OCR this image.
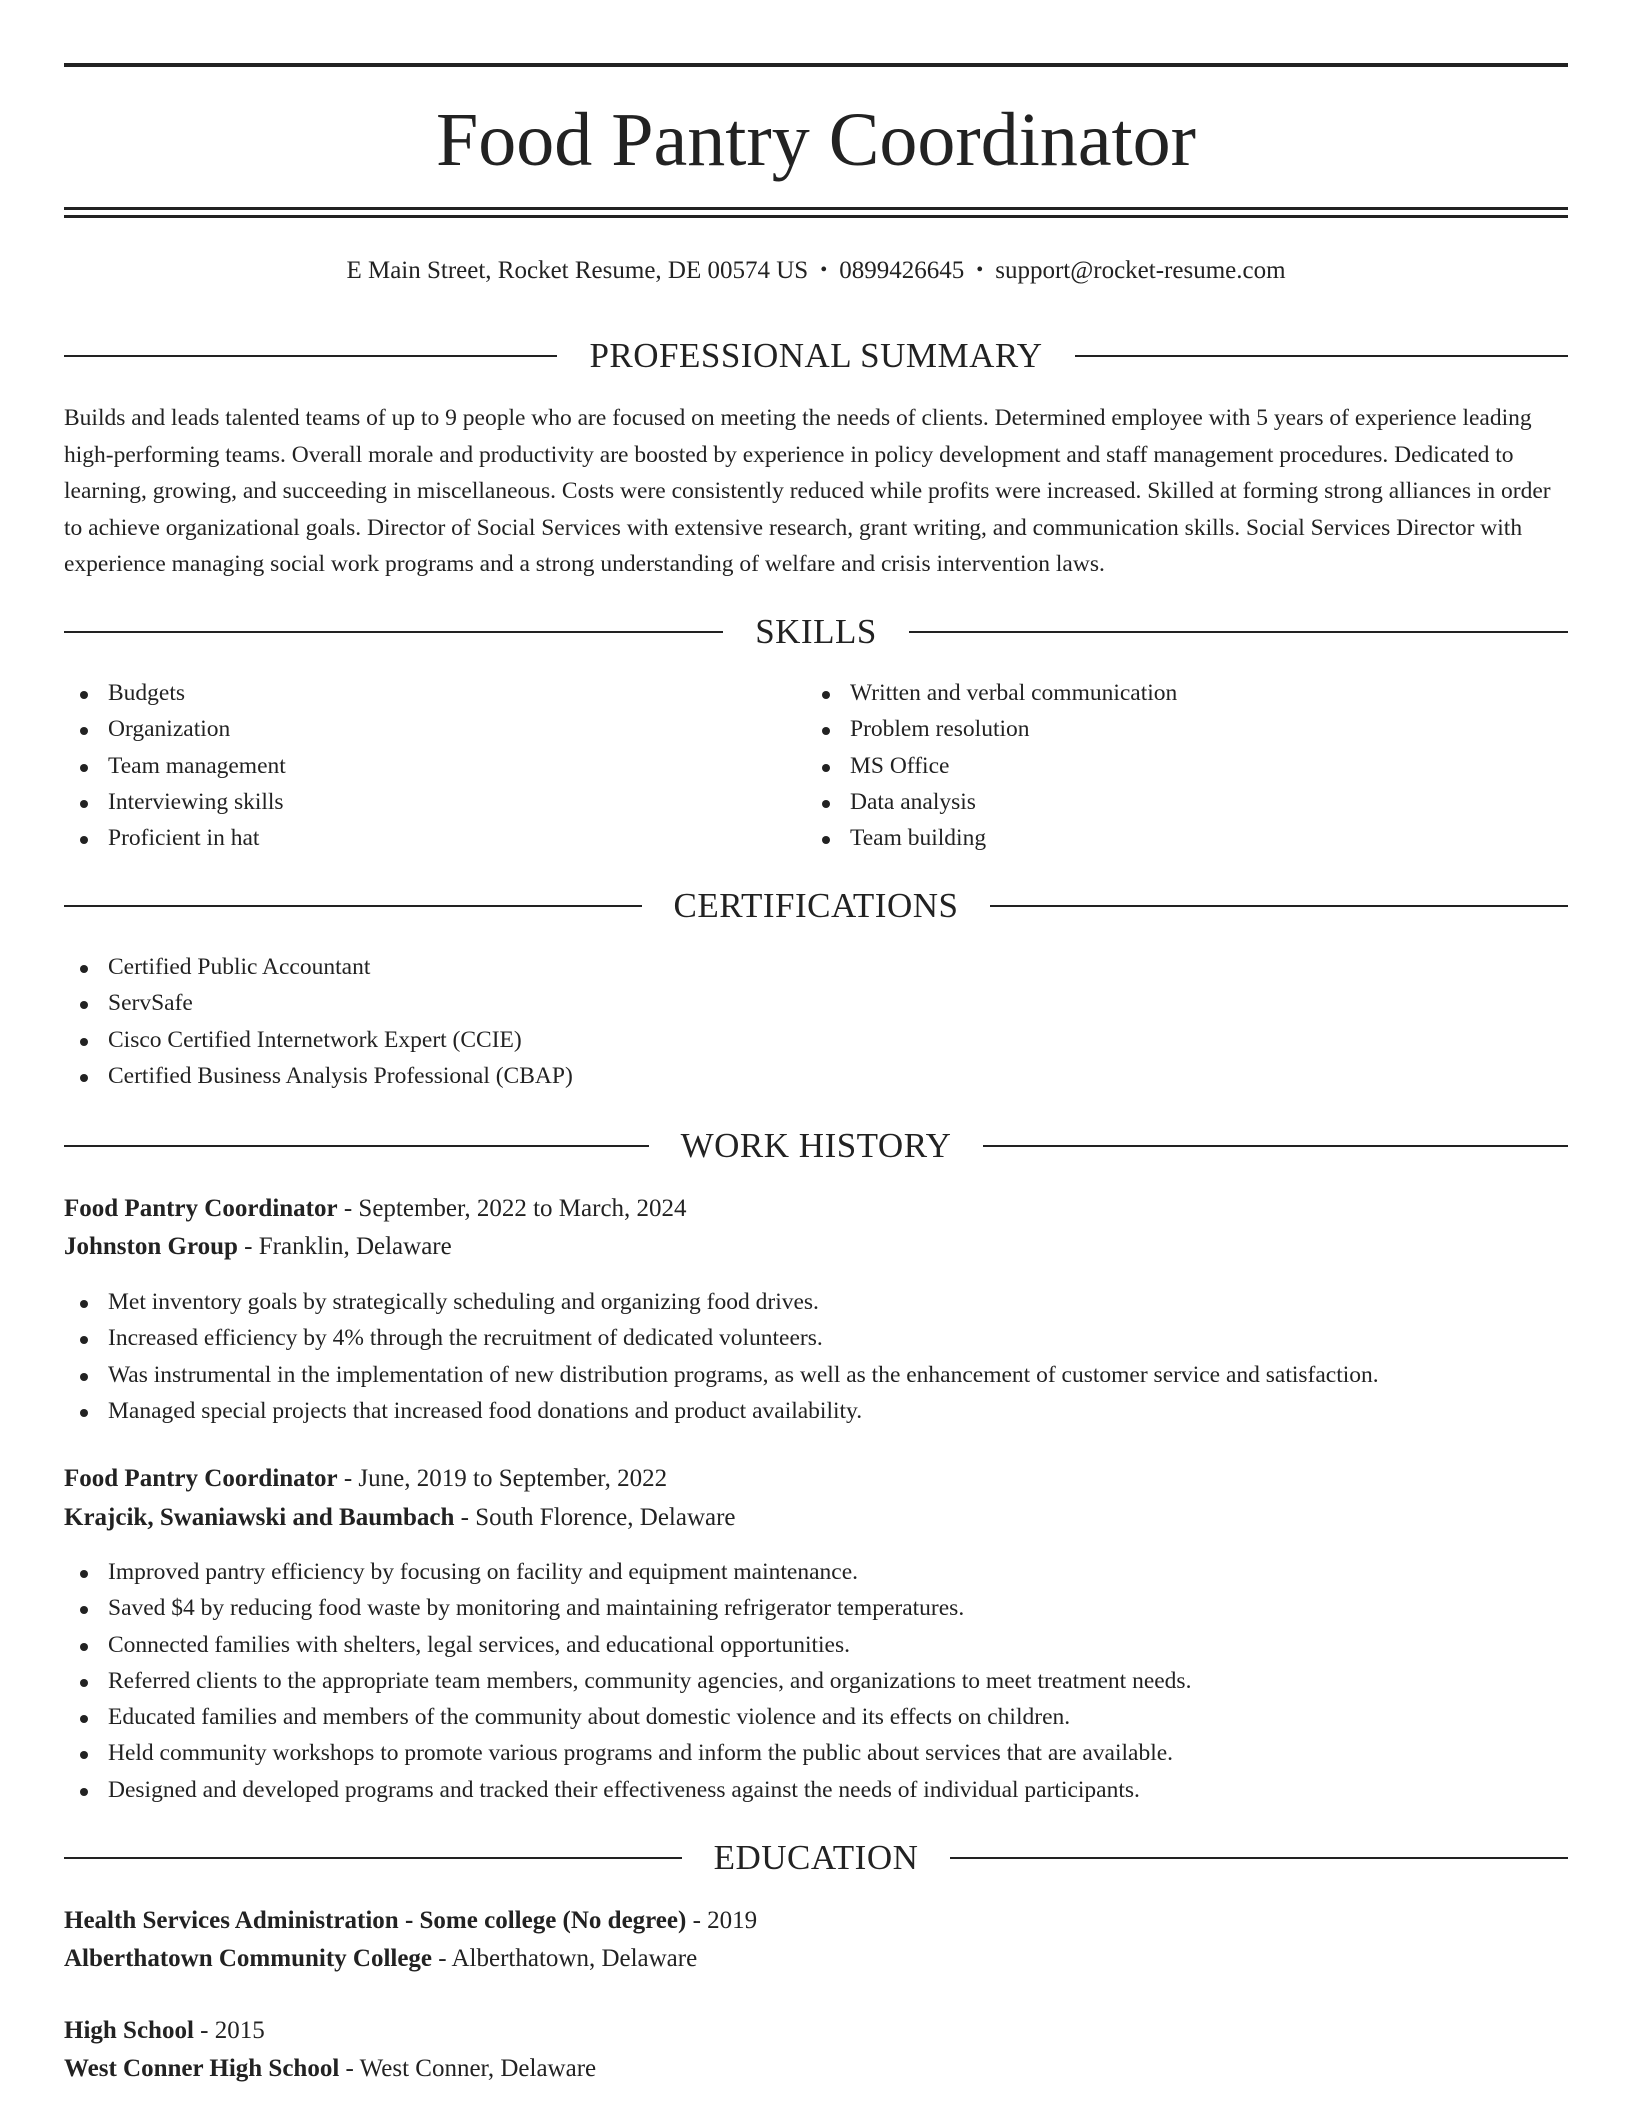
Food Pantry Coordinator
E Main Street, Rocket Resume, DE 00574 US • 0899426645 • support@rocket-resume.com
PROFESSIONAL SUMMARY

Builds and leads talented teams of up to 9 people who are focused on meeting the needs of clients. Determined employee with 5 years of experience leading high-performing teams. Overall morale and productivity are boosted by experience in policy development and staff management procedures. Dedicated to learning, growing, and succeeding in miscellaneous. Costs were consistently reduced while profits were increased. Skilled at forming strong alliances in order to achieve organizational goals. Director of Social Services with extensive research, grant writing, and communication skills. Social Services Director with experience managing social work programs and a strong understanding of welfare and crisis intervention laws.

SKILLS
Budgets
Organization
Team management
Interviewing skills
Proficient in hat
Written and verbal communication
Problem resolution
MS Office
Data analysis
Team building
CERTIFICATIONS
Certified Public Accountant
ServSafe
Cisco Certified Internetwork Expert (CCIE)
Certified Business Analysis Professional (CBAP)
WORK HISTORY
Food Pantry Coordinator - September, 2022 to March, 2024
Johnston Group - Franklin, Delaware
Met inventory goals by strategically scheduling and organizing food drives.
Increased efficiency by 4% through the recruitment of dedicated volunteers.
Was instrumental in the implementation of new distribution programs, as well as the enhancement of customer service and satisfaction.
Managed special projects that increased food donations and product availability.
Food Pantry Coordinator - June, 2019 to September, 2022
Krajcik, Swaniawski and Baumbach - South Florence, Delaware
Improved pantry efficiency by focusing on facility and equipment maintenance.
Saved $4 by reducing food waste by monitoring and maintaining refrigerator temperatures.
Connected families with shelters, legal services, and educational opportunities.
Referred clients to the appropriate team members, community agencies, and organizations to meet treatment needs.
Educated families and members of the community about domestic violence and its effects on children.
Held community workshops to promote various programs and inform the public about services that are available.
Designed and developed programs and tracked their effectiveness against the needs of individual participants.
EDUCATION
Health Services Administration - Some college (No degree) - 2019
Alberthatown Community College - Alberthatown, Delaware
High School - 2015
West Conner High School - West Conner, Delaware
